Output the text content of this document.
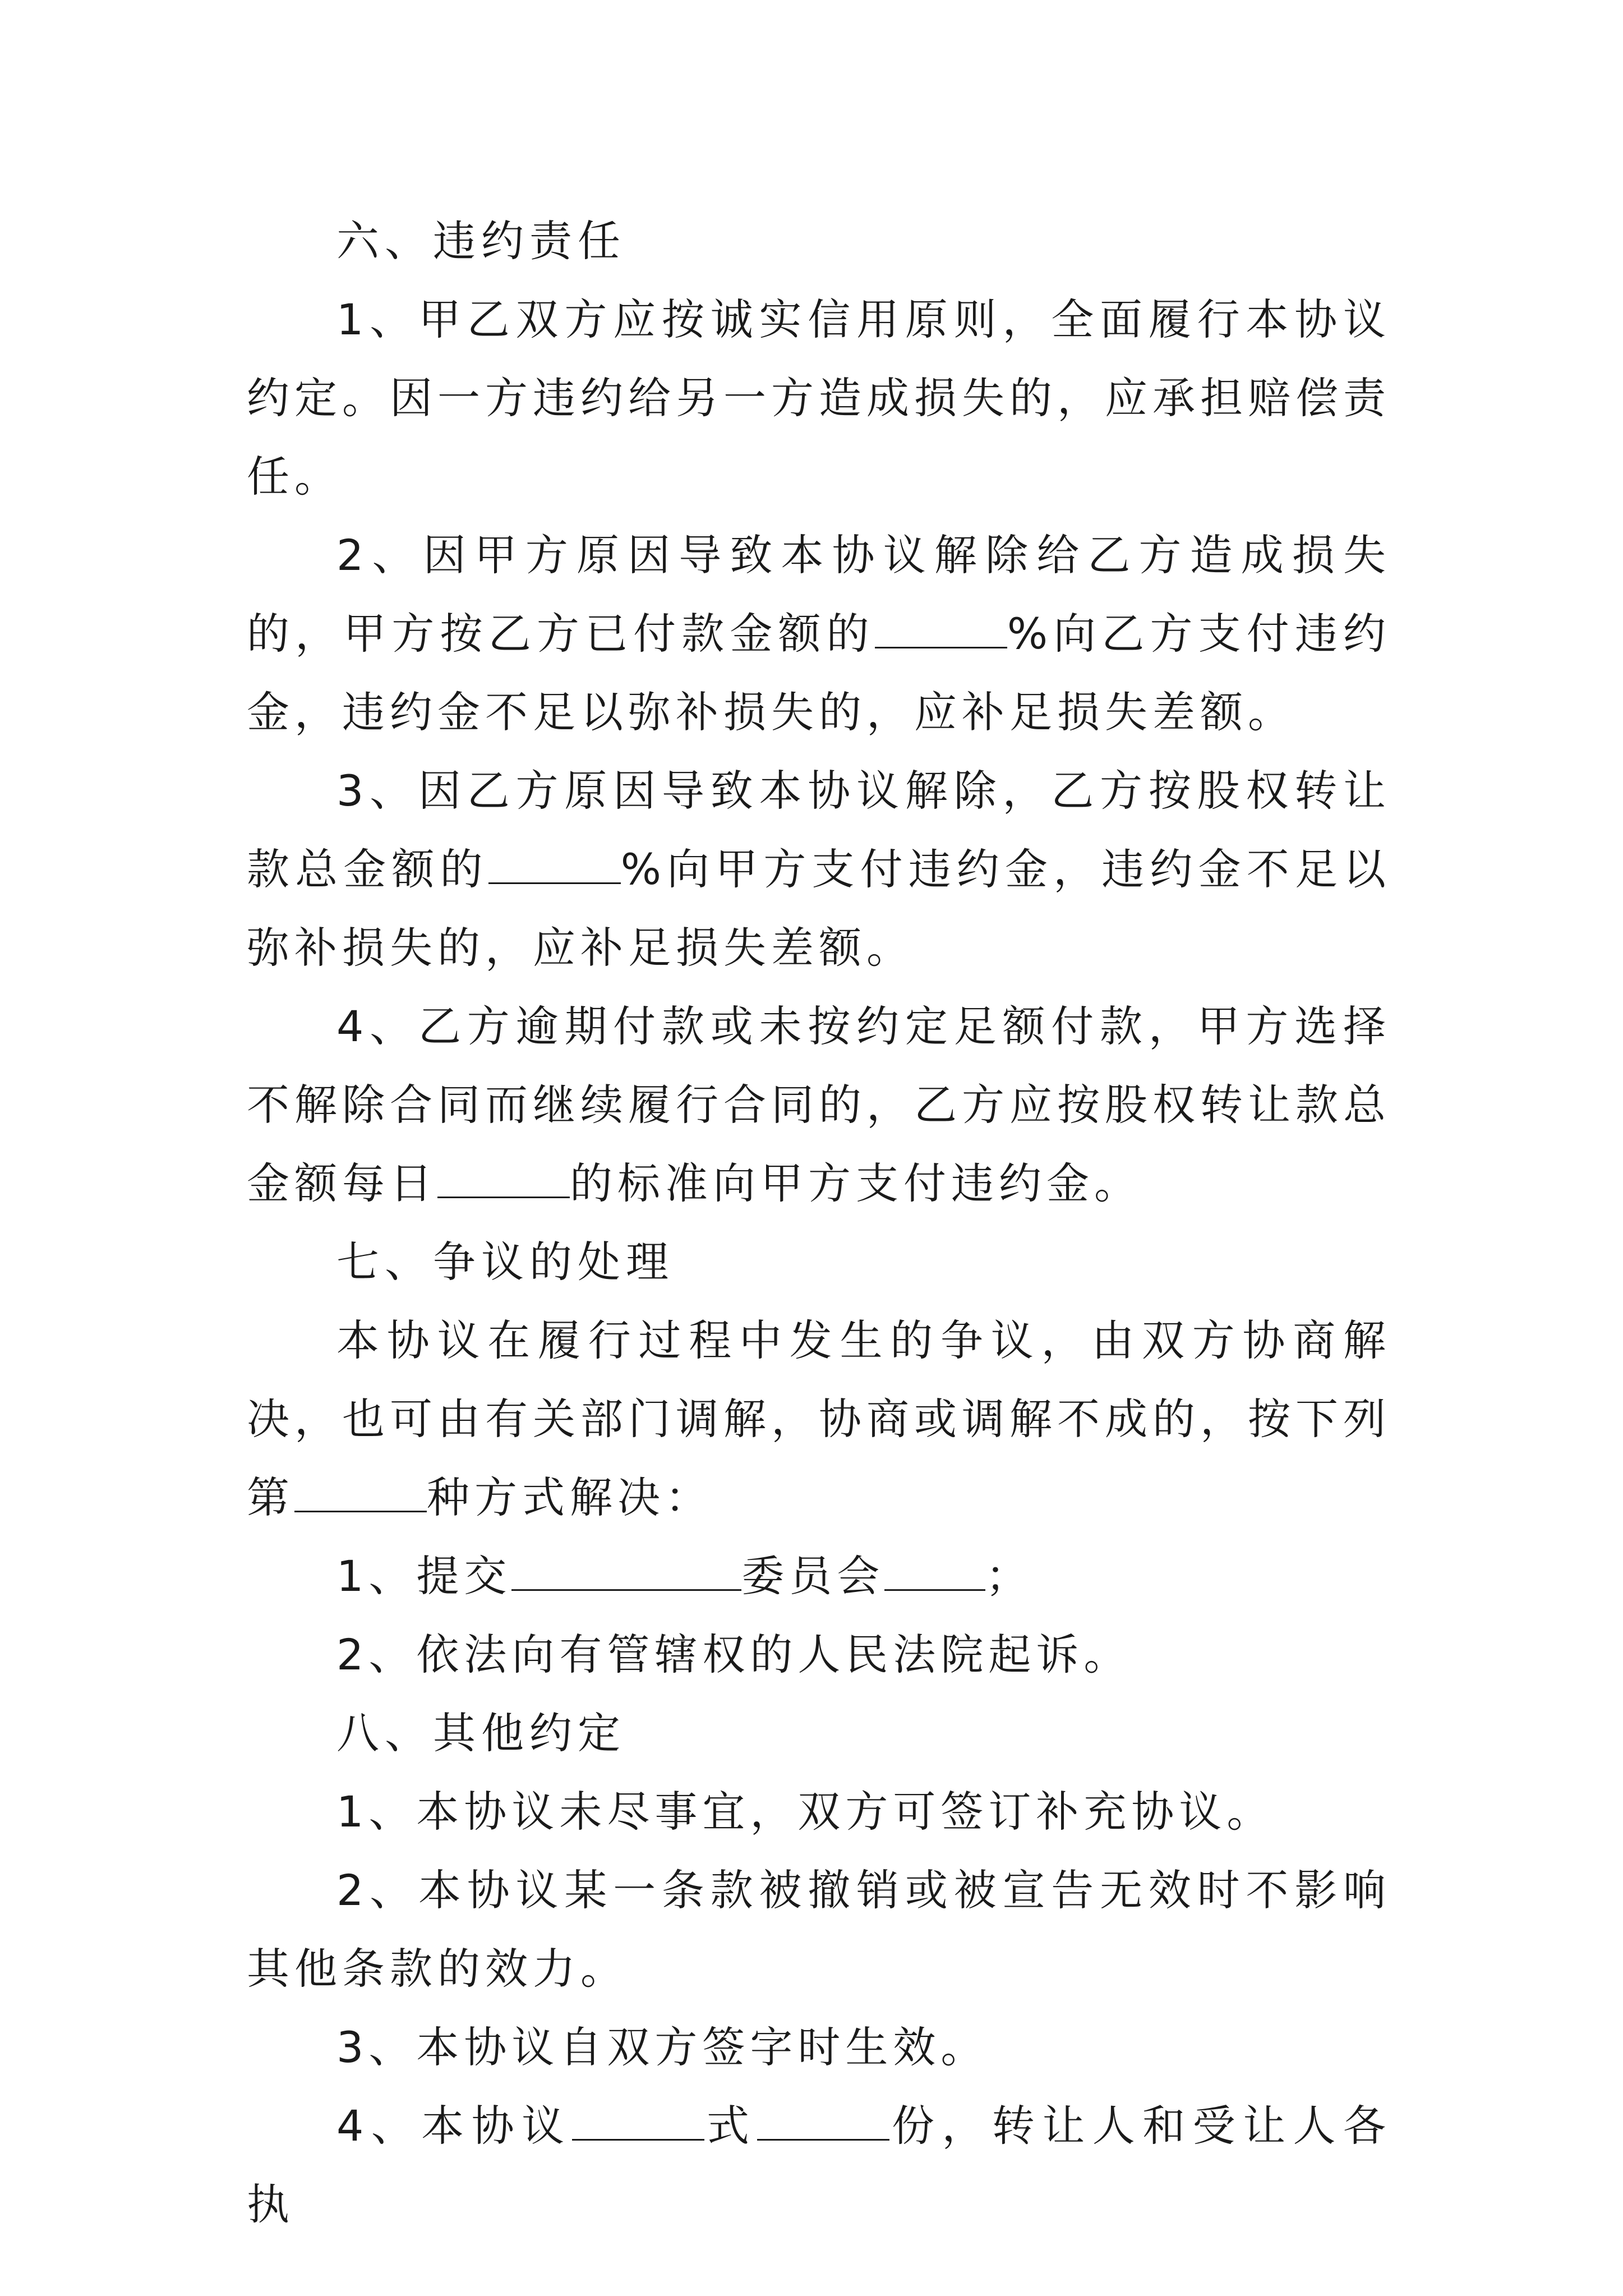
六、违约责任

1、甲乙双方应按诚实信用原则，全面履行本协议约定。因一方违约给另一方造成损失的，应承担赔偿责任。

2、因甲方原因导致本协议解除给乙方造成损失的，甲方按乙方已付款金额的	%向乙方支付违约金，违约金不足以弥补损失的，应补足损失差额。

3、因乙方原因导致本协议解除，乙方按股权转让款总金额的	%向甲方支付违约金，违约金不足以弥补损失的，应补足损失差额。

4、乙方逾期付款或未按约定足额付款，甲方选择不解除合同而继续履行合同的，乙方应按股权转让款总金额每日	的标准向甲方支付违约金。

七、争议的处理

本协议在履行过程中发生的争议，由双方协商解决，也可由有关部门调解，协商或调解不成的，按下列第	种方式解决：

1、提交	委员会 ；

2、依法向有管辖权的人民法院起诉。

八、其他约定

1、本协议未尽事宜，双方可签订补充协议。

2、本协议某一条款被撤销或被宣告无效时不影响其他条款的效力。

3、本协议自双方签字时生效。

4、本协议	式	份，转让人和受让人各执
